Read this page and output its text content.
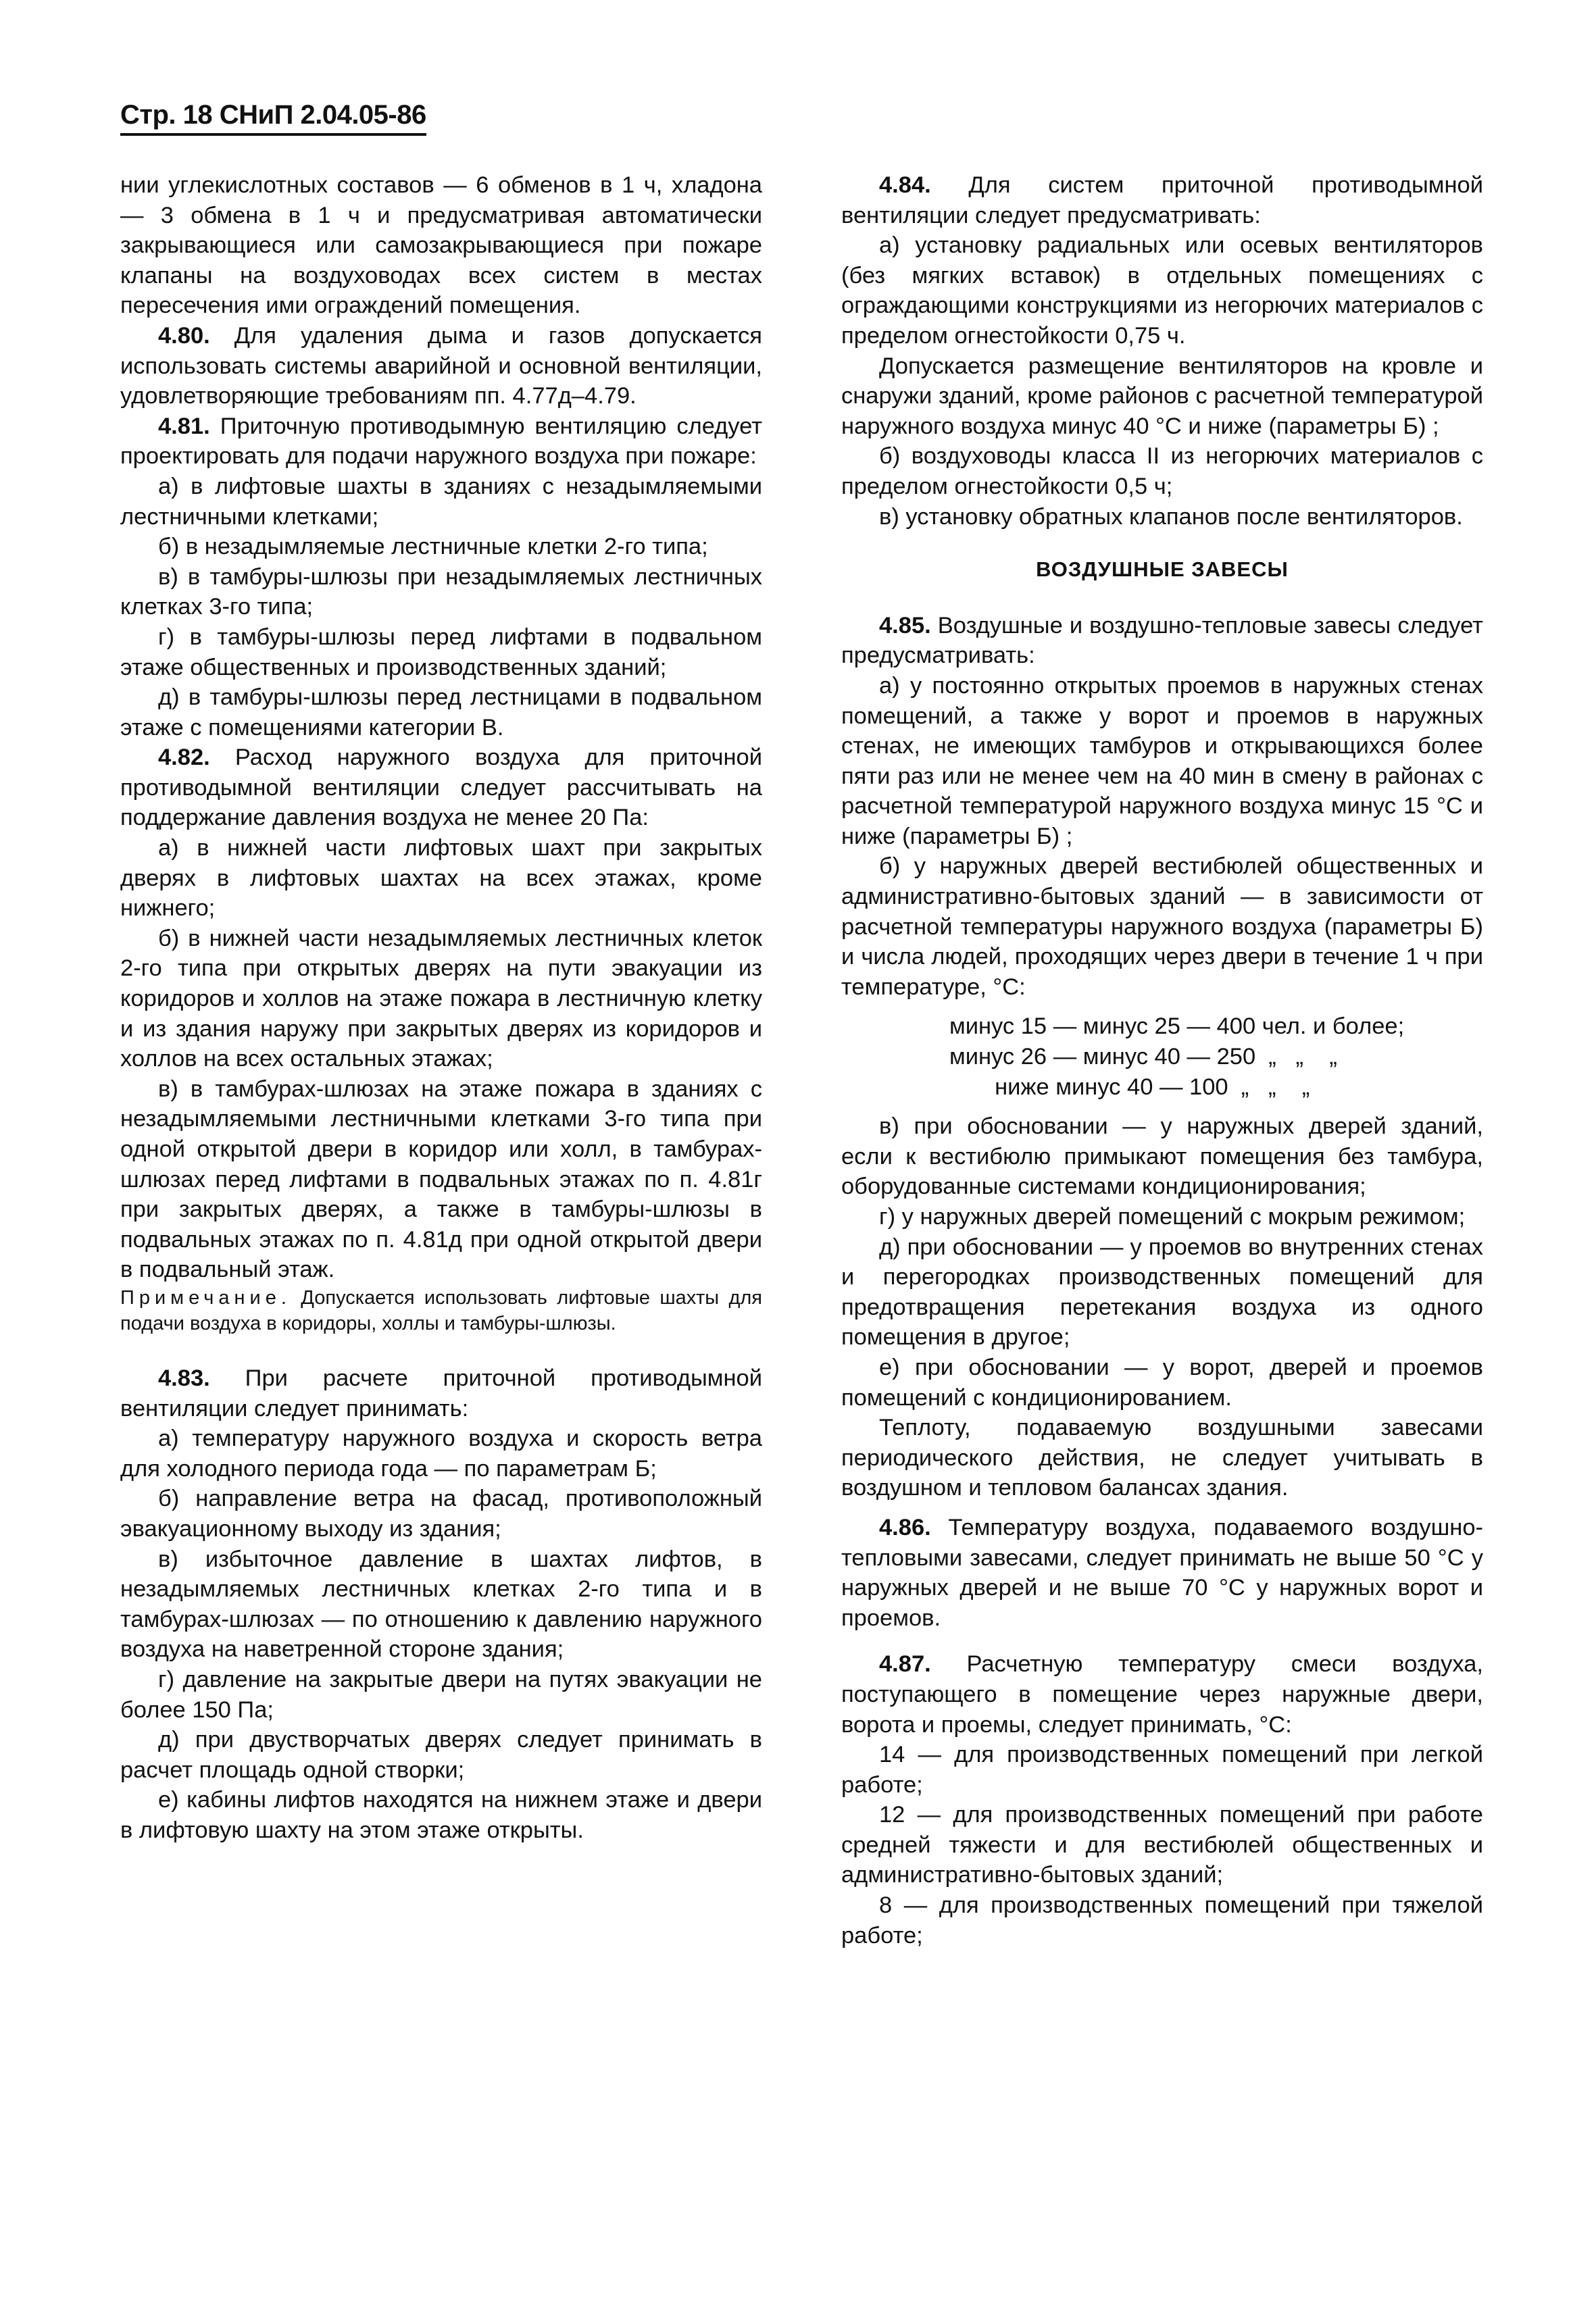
Стр. 18 СНиП 2.04.05-86

нии углекислотных составов — 6 обменов в 1 ч, хладона — 3 обмена в 1 ч и предусматривая автоматически закрывающиеся или самозакрывающиеся при пожаре клапаны на воздуховодах всех систем в местах пересечения ими ограждений помещения.

4.80. Для удаления дыма и газов допускается использовать системы аварийной и основной вентиляции, удовлетворяющие требованиям пп. 4.77д–4.79.

4.81. Приточную противодымную вентиляцию следует проектировать для подачи наружного воздуха при пожаре:

а) в лифтовые шахты в зданиях с незадымляемыми лестничными клетками;

б) в незадымляемые лестничные клетки 2-го типа;

в) в тамбуры-шлюзы при незадымляемых лестничных клетках 3-го типа;

г) в тамбуры-шлюзы перед лифтами в подвальном этаже общественных и производственных зданий;

д) в тамбуры-шлюзы перед лестницами в подвальном этаже с помещениями категории В.

4.82. Расход наружного воздуха для приточной противодымной вентиляции следует рассчитывать на поддержание давления воздуха не менее 20 Па:

а) в нижней части лифтовых шахт при закрытых дверях в лифтовых шахтах на всех этажах, кроме нижнего;

б) в нижней части незадымляемых лестничных клеток 2-го типа при открытых дверях на пути эвакуации из коридоров и холлов на этаже пожара в лестничную клетку и из здания наружу при закрытых дверях из коридоров и холлов на всех остальных этажах;

в) в тамбурах-шлюзах на этаже пожара в зданиях с незадымляемыми лестничными клетками 3-го типа при одной открытой двери в коридор или холл, в тамбурах-шлюзах перед лифтами в подвальных этажах по п. 4.81г при закрытых дверях, а также в тамбуры-шлюзы в подвальных этажах по п. 4.81д при одной открытой двери в подвальный этаж.

Примечание. Допускается использовать лифтовые шахты для подачи воздуха в коридоры, холлы и тамбуры-шлюзы.

4.83. При расчете приточной противодымной вентиляции следует принимать:

а) температуру наружного воздуха и скорость ветра для холодного периода года — по параметрам Б;

б) направление ветра на фасад, противоположный эвакуационному выходу из здания;

в) избыточное давление в шахтах лифтов, в незадымляемых лестничных клетках 2-го типа и в тамбурах-шлюзах — по отношению к давлению наружного воздуха на наветренной стороне здания;

г) давление на закрытые двери на путях эвакуации не более 150 Па;

д) при двустворчатых дверях следует принимать в расчет площадь одной створки;

е) кабины лифтов находятся на нижнем этаже и двери в лифтовую шахту на этом этаже открыты.

4.84. Для систем приточной противодымной вентиляции следует предусматривать:

а) установку радиальных или осевых вентиляторов (без мягких вставок) в отдельных помещениях с ограждающими конструкциями из негорючих материалов с пределом огнестойкости 0,75 ч.

Допускается размещение вентиляторов на кровле и снаружи зданий, кроме районов с расчетной температурой наружного воздуха минус 40 °С и ниже (параметры Б) ;

б) воздуховоды класса II из негорючих материалов с пределом огнестойкости 0,5 ч;

в) установку обратных клапанов после вентиляторов.

ВОЗДУШНЫЕ ЗАВЕСЫ

4.85. Воздушные и воздушно-тепловые завесы следует предусматривать:

а) у постоянно открытых проемов в наружных стенах помещений, а также у ворот и проемов в наружных стенах, не имеющих тамбуров и открывающихся более пяти раз или не менее чем на 40 мин в смену в районах с расчетной температурой наружного воздуха минус 15 °С и ниже (параметры Б) ;

б) у наружных дверей вестибюлей общественных и административно-бытовых зданий — в зависимости от расчетной температуры наружного воздуха (параметры Б) и числа людей, проходящих через двери в течение 1 ч при температуре, °С:

минус 15 — минус 25 — 400 чел. и более;
минус 26 — минус 40 — 250  „   „    „
ниже минус 40 — 100  „   „    „

в) при обосновании — у наружных дверей зданий, если к вестибюлю примыкают помещения без тамбура, оборудованные системами кондиционирования;

г) у наружных дверей помещений с мокрым режимом;

д) при обосновании — у проемов во внутренних стенах и перегородках производственных помещений для предотвращения перетекания воздуха из одного помещения в другое;

е) при обосновании — у ворот, дверей и проемов помещений с кондиционированием.

Теплоту, подаваемую воздушными завесами периодического действия, не следует учитывать в воздушном и тепловом балансах здания.

4.86. Температуру воздуха, подаваемого воздушно-тепловыми завесами, следует принимать не выше 50 °С у наружных дверей и не выше 70 °С у наружных ворот и проемов.

4.87. Расчетную температуру смеси воздуха, поступающего в помещение через наружные двери, ворота и проемы, следует принимать, °С:

14 — для производственных помещений при легкой работе;

12 — для производственных помещений при работе средней тяжести и для вестибюлей общественных и административно-бытовых зданий;

8 — для производственных помещений при тяжелой работе;
